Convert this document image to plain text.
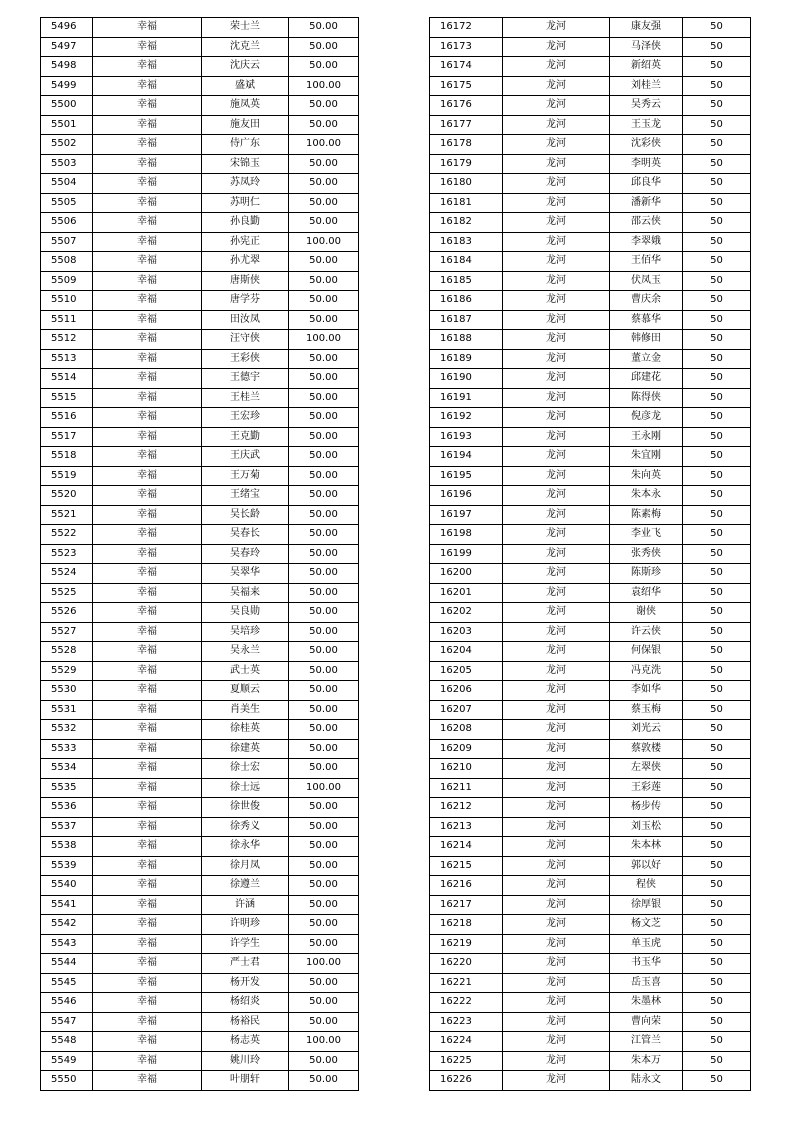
5496	幸福	荣士兰	50.00
5497	幸福	沈克兰	50.00
5498	幸福	沈庆云	50.00
5499	幸福	盛斌	100.00
5500	幸福	施凤英	50.00
5501	幸福	施友田	50.00
5502	幸福	侍广东	100.00
5503	幸福	宋锦玉	50.00
5504	幸福	苏凤玲	50.00
5505	幸福	苏明仁	50.00
5506	幸福	孙良勤	50.00
5507	幸福	孙宪正	100.00
5508	幸福	孙尤翠	50.00
5509	幸福	唐斯侠	50.00
5510	幸福	唐学芬	50.00
5511	幸福	田汝凤	50.00
5512	幸福	汪守侠	100.00
5513	幸福	王彩侠	50.00
5514	幸福	王德宇	50.00
5515	幸福	王桂兰	50.00
5516	幸福	王宏珍	50.00
5517	幸福	王克勤	50.00
5518	幸福	王庆武	50.00
5519	幸福	王万菊	50.00
5520	幸福	王绪宝	50.00
5521	幸福	吴长龄	50.00
5522	幸福	吴春长	50.00
5523	幸福	吴春玲	50.00
5524	幸福	吴翠华	50.00
5525	幸福	吴福来	50.00
5526	幸福	吴良勋	50.00
5527	幸福	吴培珍	50.00
5528	幸福	吴永兰	50.00
5529	幸福	武士英	50.00
5530	幸福	夏顺云	50.00
5531	幸福	肖美生	50.00
5532	幸福	徐桂英	50.00
5533	幸福	徐建英	50.00
5534	幸福	徐士宏	50.00
5535	幸福	徐士远	100.00
5536	幸福	徐世俊	50.00
5537	幸福	徐秀义	50.00
5538	幸福	徐永华	50.00
5539	幸福	徐月凤	50.00
5540	幸福	徐遵兰	50.00
5541	幸福	许涵	50.00
5542	幸福	许明珍	50.00
5543	幸福	许学生	50.00
5544	幸福	严士君	100.00
5545	幸福	杨开发	50.00
5546	幸福	杨绍炎	50.00
5547	幸福	杨裕民	50.00
5548	幸福	杨志英	100.00
5549	幸福	姚川玲	50.00
5550	幸福	叶朋轩	50.00
16172	龙河	康友强	50
16173	龙河	马泽侠	50
16174	龙河	新绍英	50
16175	龙河	刘桂兰	50
16176	龙河	吴秀云	50
16177	龙河	王玉龙	50
16178	龙河	沈彩侠	50
16179	龙河	李明英	50
16180	龙河	邱良华	50
16181	龙河	潘新华	50
16182	龙河	邵云侠	50
16183	龙河	李翠娥	50
16184	龙河	王佰华	50
16185	龙河	伏凤玉	50
16186	龙河	曹庆余	50
16187	龙河	蔡慕华	50
16188	龙河	韩修田	50
16189	龙河	董立金	50
16190	龙河	邱建花	50
16191	龙河	陈得侠	50
16192	龙河	倪彦龙	50
16193	龙河	王永刚	50
16194	龙河	朱宜刚	50
16195	龙河	朱向英	50
16196	龙河	朱本永	50
16197	龙河	陈素梅	50
16198	龙河	李业飞	50
16199	龙河	张秀侠	50
16200	龙河	陈斯珍	50
16201	龙河	袁绍华	50
16202	龙河	谢侠	50
16203	龙河	许云侠	50
16204	龙河	何保银	50
16205	龙河	冯克洗	50
16206	龙河	李如华	50
16207	龙河	蔡玉梅	50
16208	龙河	刘光云	50
16209	龙河	蔡敦楼	50
16210	龙河	左翠侠	50
16211	龙河	王彩莲	50
16212	龙河	杨步传	50
16213	龙河	刘玉松	50
16214	龙河	朱本林	50
16215	龙河	郭以好	50
16216	龙河	程侠	50
16217	龙河	徐厚银	50
16218	龙河	杨文芝	50
16219	龙河	单玉虎	50
16220	龙河	书玉华	50
16221	龙河	岳玉喜	50
16222	龙河	朱墨林	50
16223	龙河	曹向荣	50
16224	龙河	江管兰	50
16225	龙河	朱本万	50
16226	龙河	陆永文	50
